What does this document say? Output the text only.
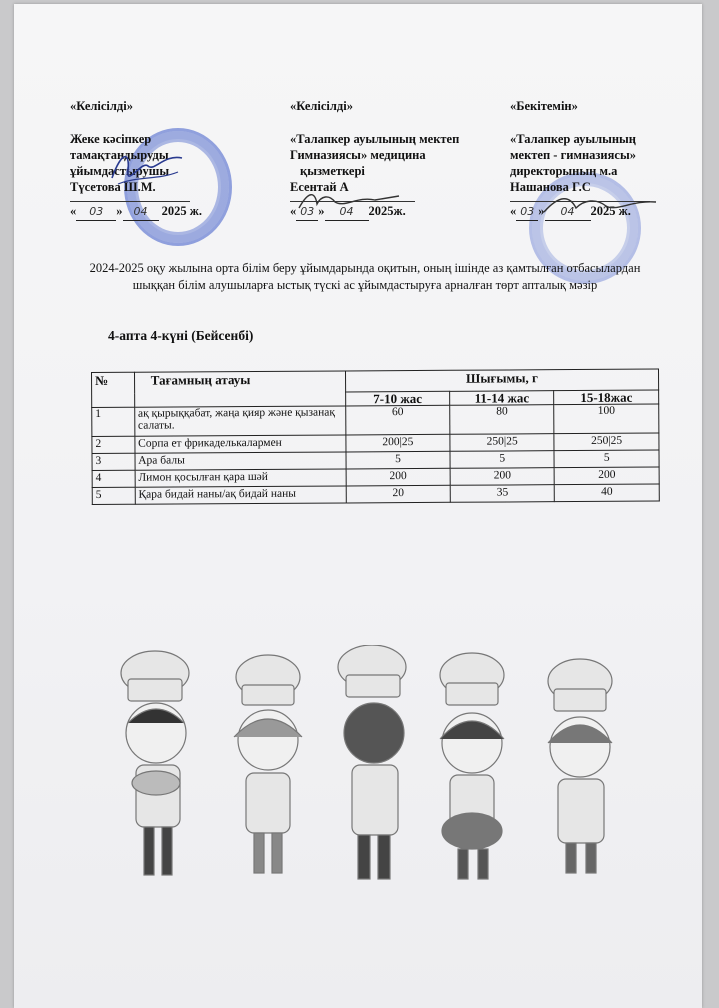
«Келісілді»
Жеке кәсіпкер
тамақтандыруды
ұйымдастырушы
Түсетова Ш.М.
« 03 » 04 2025 ж.
«Келісілді»
«Талапкер ауылының мектеп
Гимназиясы» медицина
қызметкері
Есентай А
« 03 » 04 2025ж.
«Бекітемін»
«Талапкер ауылының
мектеп - гимназиясы»
директорының м.а
Нашанова Г.С
« 03 » 04 2025 ж.
2024-2025 оқу жылына орта білім беру ұйымдарында оқитын, оның ішінде аз қамтылған отбасылардан шыққан білім алушыларға ыстық түскі ас ұйымдастыруға арналған төрт апталық мәзір
4-апта 4-күні (Бейсенбі)
№	Тағамның атауы	Шығымы, г		
		7-10 жас	11-14 жас	15-18жас
1	ақ қырыққабат, жаңа қияр және қызанақ салаты.	60	80	100
2	Сорпа ет фрикаделькалармен	200|25	250|25	250|25
3	Ара балы	5	5	5
4	Лимон қосылған қара шәй	200	200	200
5	Қара бидай наны/ақ бидай наны	20	35	40
